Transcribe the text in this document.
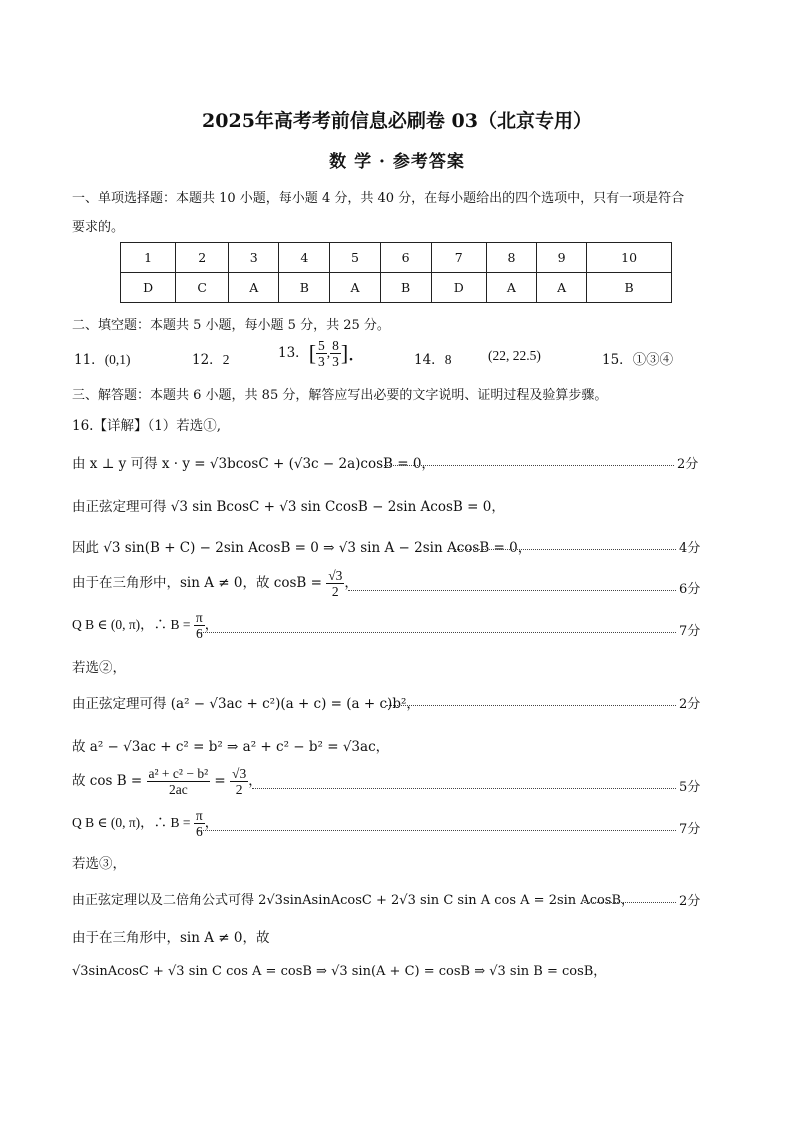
2025年高考考前信息必刷卷 03（北京专用）
数 学 · 参考答案
一、单项选择题：本题共 10 小题，每小题 4 分，共 40 分，在每小题给出的四个选项中，只有一项是符合
要求的。
1	2	3	4	5	6	7	8	9	10
D	C	A	B	A	B	D	A	A	B
二、填空题：本题共 5 小题，每小题 5 分，共 25 分。
11．(0,1)	12．2	13．[ $\frac{5}{3}$ , $\frac{8}{3}$ ].	14．8	(22, 22.5)	15．①③④
三、解答题：本题共 6 小题，共 85 分，解答应写出必要的文字说明、证明过程及验算步骤。
16.【详解】（1）若选①,
由 x ⊥ y 可得 x · y = √3bcosC + (√3c − 2a)cosB = 0，	2分
由正弦定理可得 √3 sin BcosC + √3 sin CcosB − 2sin AcosB = 0，
因此 √3 sin(B + C) − 2sin AcosB = 0 ⇒ √3 sin A − 2sin AcosB = 0，	4分
由于在三角形中，sin A ≠ 0，故 $\cos B = \frac{√3}{2}$ ，	6分
Q B ∈ (0, π)，∴ $B = \frac{\pi}{6}$ ，	7分
若选②，
由正弦定理可得 (a² − √3ac + c²)(a + c) = (a + c)b²，	2分
故 a² − √3ac + c² = b² ⇒ a² + c² − b² = √3ac，
故 $\cos B = \frac{\text{a² + c² − b²}}{2ac} = \frac{√3}{2}$ ，	5分
Q B ∈ (0, π)，∴ $B = \frac{\pi}{6}$ ，	7分
若选③，
由正弦定理以及二倍角公式可得 2√3sinAsinAcosC + 2√3 sin C sin A cos A = 2sin AcosB，	2分
由于在三角形中，sin A ≠ 0，故
√3sinAcosC + √3 sin C cos A = cosB ⇒ √3 sin(A + C) = cosB ⇒ √3 sin B = cosB，
